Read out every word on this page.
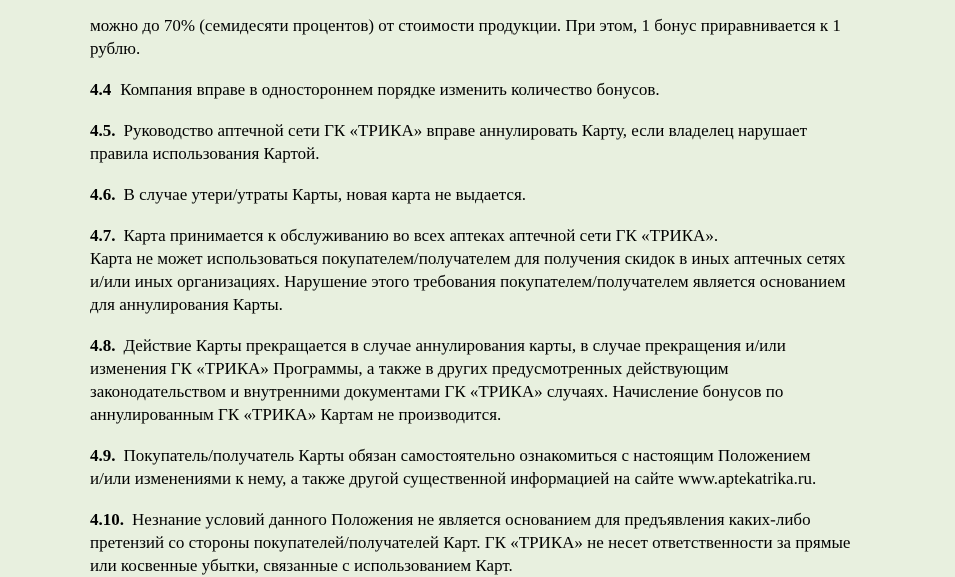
можно до 70% (семидесяти процентов) от стоимости продукции. При этом, 1 бонус приравнивается к 1
рублю.

4.4 Компания вправе в одностороннем порядке изменить количество бонусов.

4.5. Руководство аптечной сети ГК «ТРИКА» вправе аннулировать Карту, если владелец нарушает
правила использования Картой.

4.6. В случае утери/утраты Карты, новая карта не выдается.

4.7. Карта принимается к обслуживанию во всех аптеках аптечной сети ГК «ТРИКА».
Карта не может использоваться покупателем/получателем для получения скидок в иных аптечных сетях
и/или иных организациях. Нарушение этого требования покупателем/получателем является основанием
для аннулирования Карты.

4.8. Действие Карты прекращается в случае аннулирования карты, в случае прекращения и/или
изменения ГК «ТРИКА» Программы, а также в других предусмотренных действующим
законодательством и внутренними документами ГК «ТРИКА» случаях. Начисление бонусов по
аннулированным ГК «ТРИКА» Картам не производится.

4.9. Покупатель/получатель Карты обязан самостоятельно ознакомиться с настоящим Положением
и/или изменениями к нему, а также другой существенной информацией на сайте www.aptekatrika.ru.

4.10. Незнание условий данного Положения не является основанием для предъявления каких-либо
претензий со стороны покупателей/получателей Карт. ГК «ТРИКА» не несет ответственности за прямые
или косвенные убытки, связанные с использованием Карт.
